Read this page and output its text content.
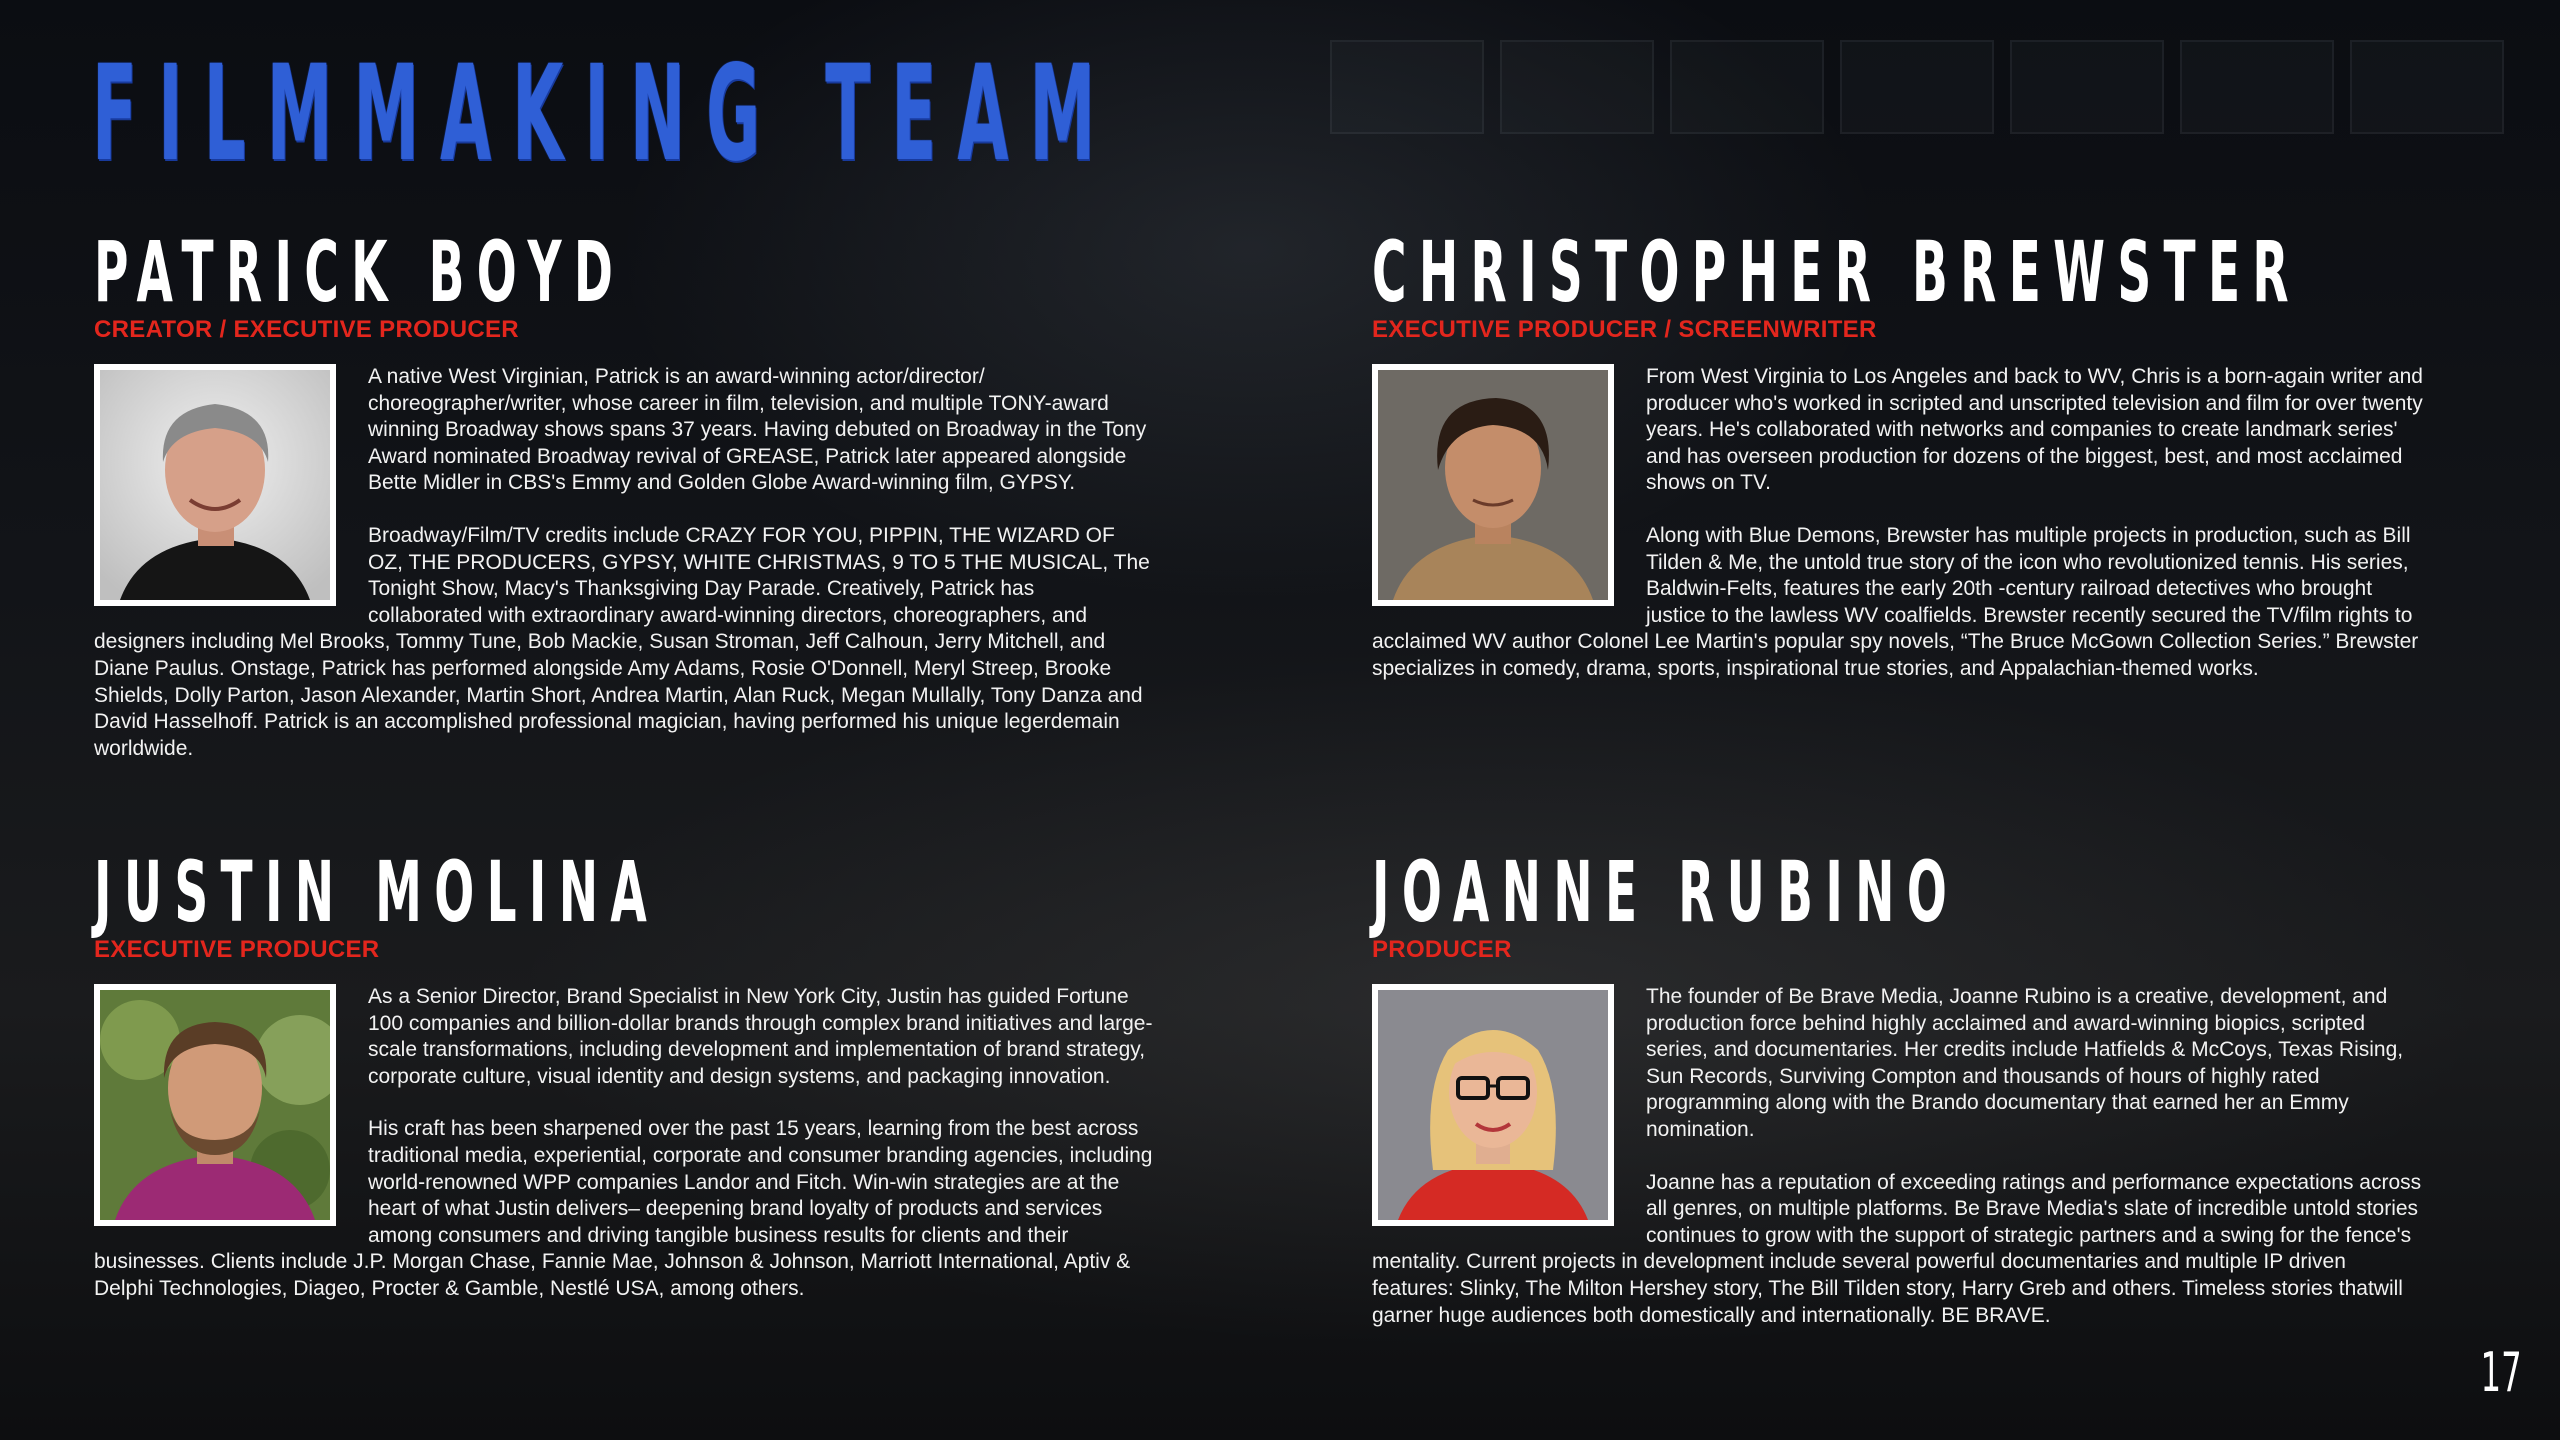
FILMMAKING TEAM
PATRICK BOYD
CREATOR / EXECUTIVE PRODUCER

A native West Virginian, Patrick is an award-winning actor/director/ choreographer/writer, whose career in film, television, and multiple TONY-award winning Broadway shows spans 37 years. Having debuted on Broadway in the Tony Award nominated Broadway revival of GREASE, Patrick later appeared alongside Bette Midler in CBS's Emmy and Golden Globe Award-winning film, GYPSY.

Broadway/Film/TV credits include CRAZY FOR YOU, PIPPIN, THE WIZARD OF OZ, THE PRODUCERS, GYPSY, WHITE CHRISTMAS, 9 TO 5 THE MUSICAL, The Tonight Show, Macy's Thanksgiving Day Parade. Creatively, Patrick has collaborated with extraordinary award-winning directors, choreographers, and designers including Mel Brooks, Tommy Tune, Bob Mackie, Susan Stroman, Jeff Calhoun, Jerry Mitchell, and Diane Paulus. Onstage, Patrick has performed alongside Amy Adams, Rosie O'Donnell, Meryl Streep, Brooke Shields, Dolly Parton, Jason Alexander, Martin Short, Andrea Martin, Alan Ruck, Megan Mullally, Tony Danza and David Hasselhoff. Patrick is an accomplished professional magician, having performed his unique legerdemain worldwide.

CHRISTOPHER BREWSTER
EXECUTIVE PRODUCER / SCREENWRITER

From West Virginia to Los Angeles and back to WV, Chris is a born-again writer and producer who's worked in scripted and unscripted television and film for over twenty years. He's collaborated with networks and companies to create landmark series' and has overseen production for dozens of the biggest, best, and most acclaimed shows on TV.

Along with Blue Demons, Brewster has multiple projects in production, such as Bill Tilden & Me, the untold true story of the icon who revolutionized tennis. His series, Baldwin-Felts, features the early 20th -century railroad detectives who brought justice to the lawless WV coalfields. Brewster recently secured the TV/film rights to acclaimed WV author Colonel Lee Martin's popular spy novels, “The Bruce McGown Collection Series.” Brewster specializes in comedy, drama, sports, inspirational true stories, and Appalachian-themed works.

JUSTIN MOLINA
EXECUTIVE PRODUCER

As a Senior Director, Brand Specialist in New York City, Justin has guided Fortune 100 companies and billion-dollar brands through complex brand initiatives and large-scale transformations, including development and implementation of brand strategy, corporate culture, visual identity and design systems, and packaging innovation.

His craft has been sharpened over the past 15 years, learning from the best across traditional media, experiential, corporate and consumer branding agencies, including world-renowned WPP companies Landor and Fitch. Win-win strategies are at the heart of what Justin delivers– deepening brand loyalty of products and services among consumers and driving tangible business results for clients and their businesses. Clients include J.P. Morgan Chase, Fannie Mae, Johnson & Johnson, Marriott International, Aptiv & Delphi Technologies, Diageo, Procter & Gamble, Nestlé USA, among others.

JOANNE RUBINO
PRODUCER

The founder of Be Brave Media, Joanne Rubino is a creative, development, and production force behind highly acclaimed and award-winning biopics, scripted series, and documentaries. Her credits include Hatfields & McCoys, Texas Rising, Sun Records, Surviving Compton and thousands of hours of highly rated programming along with the Brando documentary that earned her an Emmy nomination.

Joanne has a reputation of exceeding ratings and performance expectations across all genres, on multiple platforms. Be Brave Media's slate of incredible untold stories continues to grow with the support of strategic partners and a swing for the fence's mentality. Current projects in development include several powerful documentaries and multiple IP driven features: Slinky, The Milton Hershey story, The Bill Tilden story, Harry Greb and others. Timeless stories thatwill garner huge audiences both domestically and internationally. BE BRAVE.

17
